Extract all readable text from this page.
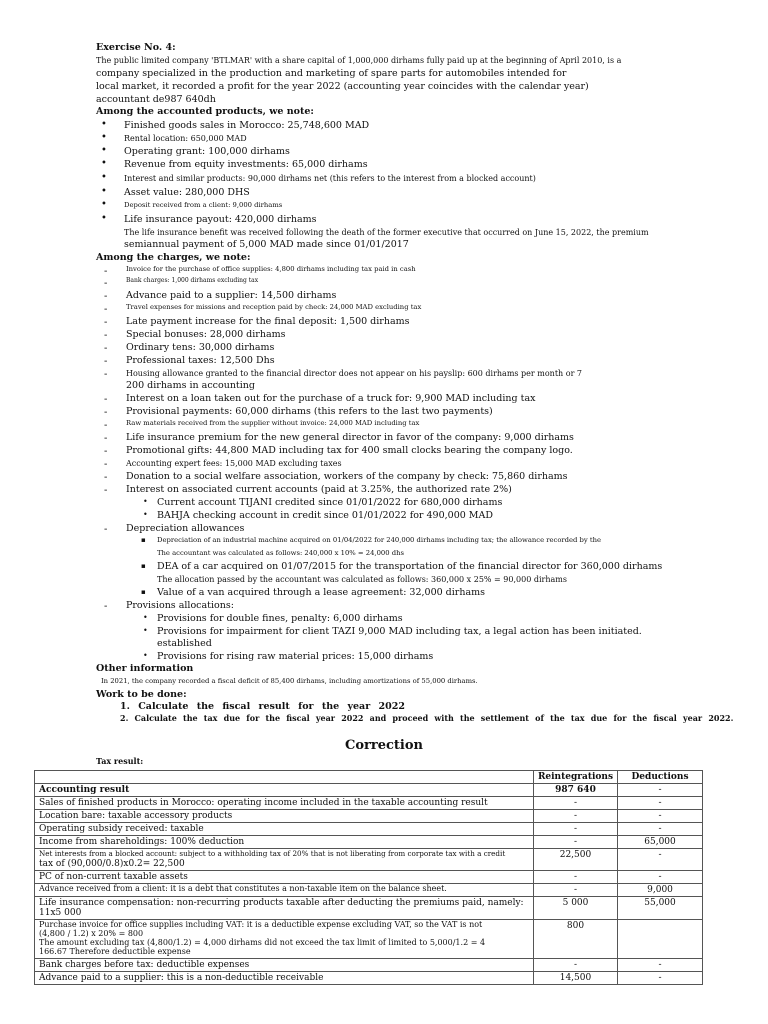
Exercise No. 4:
The public limited company 'BTLMAR' with a share capital of 1,000,000 dirhams fully paid up at the beginning of April 2010, is a
company specialized in the production and marketing of spare parts for automobiles intended for
local market, it recorded a profit for the year 2022 (accounting year coincides with the calendar year)
accountant de987 640dh
Among the accounted products, we note:
• Finished goods sales in Morocco: 25,748,600 MAD
• Rental location: 650,000 MAD
• Operating grant: 100,000 dirhams
• Revenue from equity investments: 65,000 dirhams
• Interest and similar products: 90,000 dirhams net (this refers to the interest from a blocked account)
• Asset value: 280,000 DHS
•	Deposit received from a client: 9,000 dirhams
• Life insurance payout: 420,000 dirhams
The life insurance benefit was received following the death of the former executive that occurred on June 15, 2022, the premium
semiannual payment of 5,000 MAD made since 01/01/2017
Among the charges, we note:
-	Invoice for the purchase of office supplies: 4,800 dirhams including tax paid in cash
-	Bank charges: 1,000 dirhams excluding tax
- Advance paid to a supplier: 14,500 dirhams
-	Travel expenses for missions and reception paid by check: 24,000 MAD excluding tax
- Late payment increase for the final deposit: 1,500 dirhams
- Special bonuses: 28,000 dirhams
- Ordinary tens: 30,000 dirhams
- Professional taxes: 12,500 Dhs
- Housing allowance granted to the financial director does not appear on his payslip: 600 dirhams per month or 7
200 dirhams in accounting
- Interest on a loan taken out for the purchase of a truck for: 9,900 MAD including tax
- Provisional payments: 60,000 dirhams (this refers to the last two payments)
-	Raw materials received from the supplier without invoice: 24,000 MAD including tax
- Life insurance premium for the new general director in favor of the company: 9,000 dirhams
- Promotional gifts: 44,800 MAD including tax for 400 small clocks bearing the company logo.
- Accounting expert fees: 15,000 MAD excluding taxes
- Donation to a social welfare association, workers of the company by check: 75,860 dirhams
- Interest on associated current accounts (paid at 3.25%, the authorized rate 2%)
• Current account TIJANI credited since 01/01/2022 for 680,000 dirhams
• BAHJA checking account in credit since 01/01/2022 for 490,000 MAD
- Depreciation allowances
▪ Depreciation of an industrial machine acquired on 01/04/2022 for 240,000 dirhams including tax; the allowance recorded by the
The accountant was calculated as follows: 240,000 x 10% = 24,000 dhs
▪ DEA of a car acquired on 01/07/2015 for the transportation of the financial director for 360,000 dirhams
The allocation passed by the accountant was calculated as follows: 360,000 x 25% = 90,000 dirhams
▪ Value of a van acquired through a lease agreement: 32,000 dirhams
- Provisions allocations:
• Provisions for double fines, penalty: 6,000 dirhams
• Provisions for impairment for client TAZI 9,000 MAD including tax, a legal action has been initiated.
established
• Provisions for rising raw material prices: 15,000 dirhams
Other information
In 2021, the company recorded a fiscal deficit of 85,400 dirhams, including amortizations of 55,000 dirhams.
Work to be done:
1. Calculate the fiscal result for the year 2022
2. Calculate the tax due for the fiscal year 2022 and proceed with the settlement of the tax due for the fiscal year 2022.
Correction
Tax result:
	Reintegrations	Deductions
Accounting result	987 640	-
Sales of finished products in Morocco: operating income included in the taxable accounting result	-	-
Location bare: taxable accessory products	-	-
Operating subsidy received: taxable	-	-
Income from shareholdings: 100% deduction	-	65,000

Net interests from a blocked account: subject to a withholding tax of 20% that is not liberating from corporate tax with a credit
tax of (90,000/0.8)x0.2= 22,500	22,500	-
PC of non-current taxable assets	-	-
Advance received from a client: it is a debt that constitutes a non-taxable item on the balance sheet.	-	9,000

Life insurance compensation: non-recurring products taxable after deducting the premiums paid, namely:
11x5 000	5 000	55,000

Purchase invoice for office supplies including VAT: it is a deductible expense excluding VAT, so the VAT is not
(4,800 / 1.2) x 20% = 800
The amount excluding tax (4,800/1.2) = 4,000 dirhams did not exceed the tax limit of limited to 5,000/1.2 = 4
166.67 Therefore deductible expense	800	
Bank charges before tax: deductible expenses	-	-
Advance paid to a supplier: this is a non-deductible receivable	14,500	-
